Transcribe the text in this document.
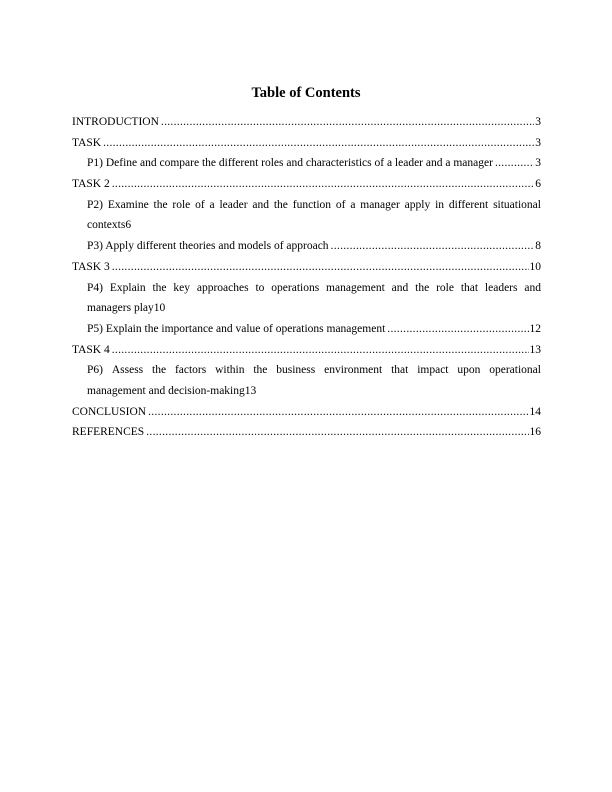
Table of Contents
INTRODUCTION .....	3
TASK .....	3
P1) Define and compare the different roles and characteristics of a leader and a manager .....	3
TASK 2 .....	6
P2) Examine the role of a leader and the function of a manager apply in different situational
contexts 6
P3) Apply different theories and models of approach .....	8
TASK 3 .....	10
P4) Explain the key approaches to operations management and the role that leaders and
managers play 10
P5) Explain the importance and value of operations management .....	12
TASK 4 .....	13
P6) Assess the factors within the business environment that impact upon operational
management and decision-making 13
CONCLUSION .....	14
REFERENCES .....	16
